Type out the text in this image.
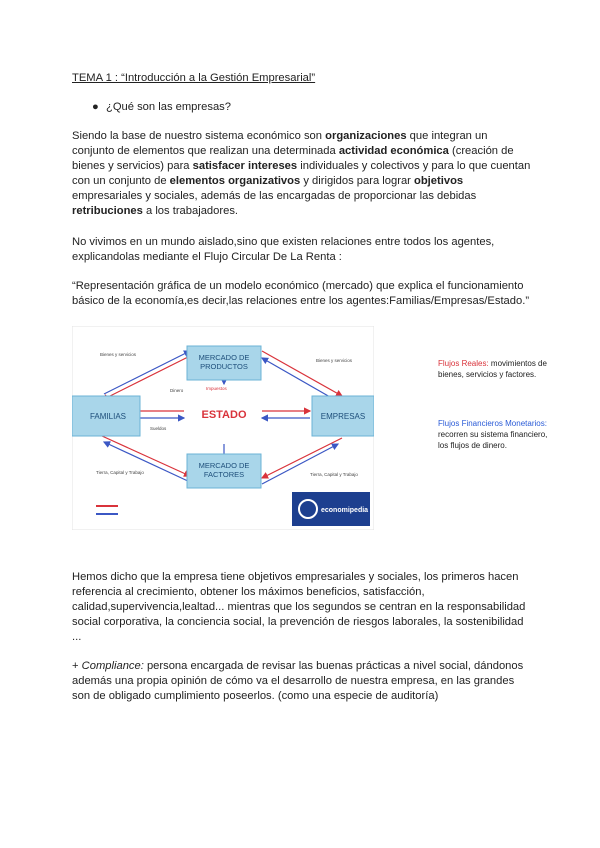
TEMA 1 : “Introducción a la Gestión Empresarial”
● ¿Qué son las empresas?

Siendo la base de nuestro sistema económico son organizaciones que integran un conjunto de elementos que realizan una determinada actividad económica (creación de bienes y servicios) para satisfacer intereses individuales y colectivos y para lo que cuentan con un conjunto de elementos organizativos y dirigidos para lograr objetivos empresariales y sociales, además de las encargadas de proporcionar las debidas retribuciones a los trabajadores.

No vivimos en un mundo aislado,sino que existen relaciones entre todos los agentes, explicandolas mediante el Flujo Circular De La Renta :

“Representación gráfica de un modelo económico (mercado) que explica el funcionamiento básico de la economía,es decir,las relaciones entre los agentes:Familias/Empresas/Estado.”

MERCADO DE PRODUCTOS
FAMILIAS	EMPRESAS
MERCADO DE FACTORES
ESTADO
Bienes y servicios
Bienes y servicios
Tierra, Capital y Trabajo	Tierra, Capital y Trabajo
Dinero	Impuestos
Sueldos
economipedia
Flujos Reales: movimientos de bienes, servicios y factores.
Flujos Financieros Monetarios: recorren su sistema financiero, los flujos de dinero.

Hemos dicho que la empresa tiene objetivos empresariales y sociales, los primeros hacen referencia al crecimiento, obtener los máximos beneficios, satisfacción, calidad,supervivencia,lealtad... mientras que los segundos se centran en la responsabilidad social corporativa, la conciencia social, la prevención de riesgos laborales, la sostenibilidad ...

+ Compliance: persona encargada de revisar las buenas prácticas a nivel social, dándonos además una propia opinión de cómo va el desarrollo de nuestra empresa, en las grandes son de obligado cumplimiento poseerlos. (como una especie de auditoría)
